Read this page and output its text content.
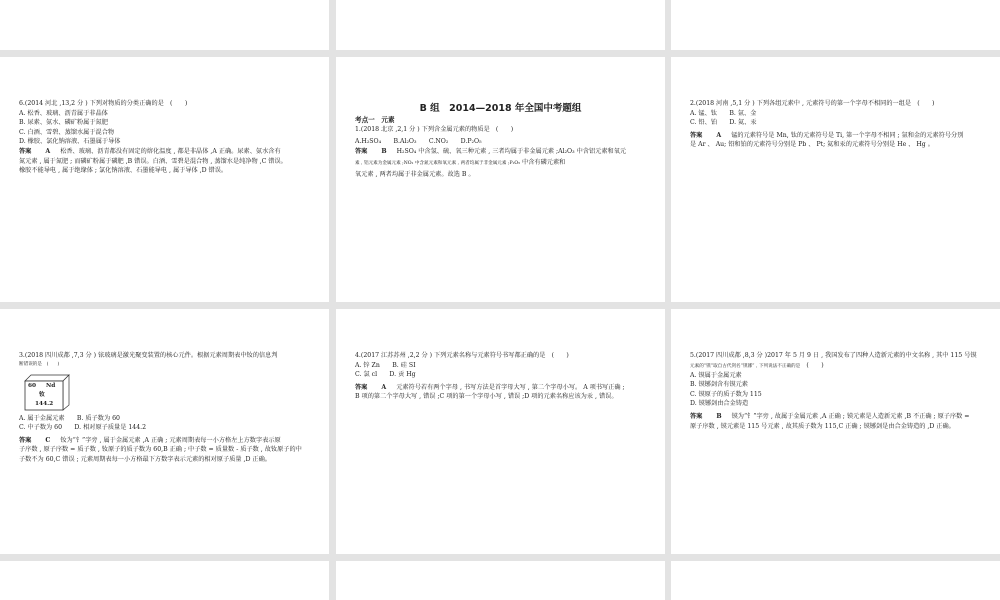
6.(2014 河北 ,13,2 分 ) 下列对物质的分类正确的是　(　　)

A. 松香、玻璃、沥青属于非晶体

B. 尿素、氨水、磷矿粉属于氮肥

C. 白酒、雪碧、蒸馏水属于混合物

D. 橡胶、氯化钠溶液、石墨属于导体

答案 A 松香、玻璃、沥青都没有固定的熔化温度 , 都是非晶体 ,A 正确。尿素、氨水含有

氮元素 , 属于氮肥 ; 而磷矿粉属于磷肥 ,B 错误。白酒、雪碧是混合物 , 蒸馏水是纯净物 ,C 错误。

橡胶不能导电 , 属于绝缘体 ; 氯化钠溶液、石墨能导电 , 属于导体 ,D 错误。

B 组　2014—2018 年全国中考题组
考点一　元素

1.(2018 北京 ,2,1 分 ) 下列含金属元素的物质是　(　　)

A.H₂SO₄　　B.Al₂O₃　　C.NO₂　　D.P₂O₅

答案 B H₂SO₄ 中含氢、硫、氧三种元素 , 三者均属于非金属元素 ;Al₂O₃ 中含铝元素和氧元

素 , 铝元素为金属元素 ;NO₂ 中含氮元素和氧元素 , 两者均属于非金属元素 ;P₂O₅ 中含有磷元素和

氧元素 , 两者均属于非金属元素。故选 B 。

2.(2018 河南 ,5,1 分 ) 下列各组元素中 , 元素符号的第一个字母不相同的一组是　(　　)

A. 锰、钛　　B. 氩、金

C. 铅、铂　　D. 氦、汞

答案 A 锰的元素符号是 Mn, 钛的元素符号是 Ti, 第一个字母不相同 ; 氩和金的元素符号分别

是 Ar 、 Au; 铅和铂的元素符号分别是 Pb 、 Pt; 氦和汞的元素符号分别是 He 、 Hg 。

3.(2018 四川成都 ,7,3 分 ) 铱玻璃是激光聚变装置的核心元件。根据元素周期表中钕的信息判

断错误的是　(　　)

60 Nd
钕
144.2

A. 属于金属元素　　B. 质子数为 60

C. 中子数为 60　　D. 相对原子质量是 144.2

答案 C 钕为“钅”字旁 , 属于金属元素 ,A 正确 ; 元素周期表每一小方格左上方数字表示原

子序数 , 原子序数 = 质子数 , 钕原子的质子数为 60,B 正确 ; 中子数 = 质量数 - 质子数 , 故钕原子的中

子数不为 60,C 错误 ; 元素周期表每一小方格最下方数字表示元素的相对原子质量 ,D 正确。

4.(2017 江苏苏州 ,2,2 分 ) 下列元素名称与元素符号书写都正确的是　(　　)

A. 锌 Zn　　B. 硅 SI

C. 氯 cl　　D. 贡 Hg

答案 A 元素符号若有两个字母 , 书写方法是首字母大写 , 第二个字母小写。 A 项书写正确 ;

B 项的第二个字母大写 , 错误 ;C 项的第一个字母小写 , 错误 ;D 项的元素名称应该为汞 , 错误。

5.(2017 四川成都 ,8,3 分 )2017 年 5 月 9 日 , 我国发布了四种人造新元素的中文名称 , 其中 115 号镆

元素的“镆”取自古代剑名“镆铘” , 下列说法不正确的是　(　　)

A. 镆属于金属元素

B. 镆铘剑含有镆元素

C. 镆原子的质子数为 115

D. 镆铘剑由合金铸造

答案 B 镆为“钅”字旁 , 故属于金属元素 ,A 正确 ; 镆元素是人造新元素 ,B 不正确 ; 原子序数 =

原子序数 , 镆元素是 115 号元素 , 故其质子数为 115,C 正确 ; 镆铘剑是由合金铸造的 ,D 正确。
